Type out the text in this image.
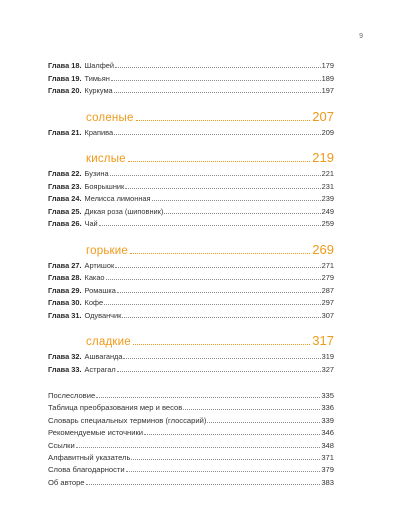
9
Глава 18. Шалфей	179
Глава 19. Тимьян	189
Глава 20. Куркума	197
соленые	207
Глава 21. Крапива	209
кислые	219
Глава 22. Бузина	221
Глава 23. Боярышник	231
Глава 24. Мелисса лимонная	239
Глава 25. Дикая роза (шиповник)	249
Глава 26. Чай	259
горькие	269
Глава 27. Артишок	271
Глава 28. Какао	279
Глава 29. Ромашка	287
Глава 30. Кофе	297
Глава 31. Одуванчик	307
сладкие	317
Глава 32. Ашваганда	319
Глава 33. Астрагал	327
Послесловие	335
Таблица преобразования мер и весов	336
Словарь специальных терминов (глоссарий)	339
Рекомендуемые источники	346
Ссылки	348
Алфавитный указатель	371
Слова благодарности	379
Об авторе	383
